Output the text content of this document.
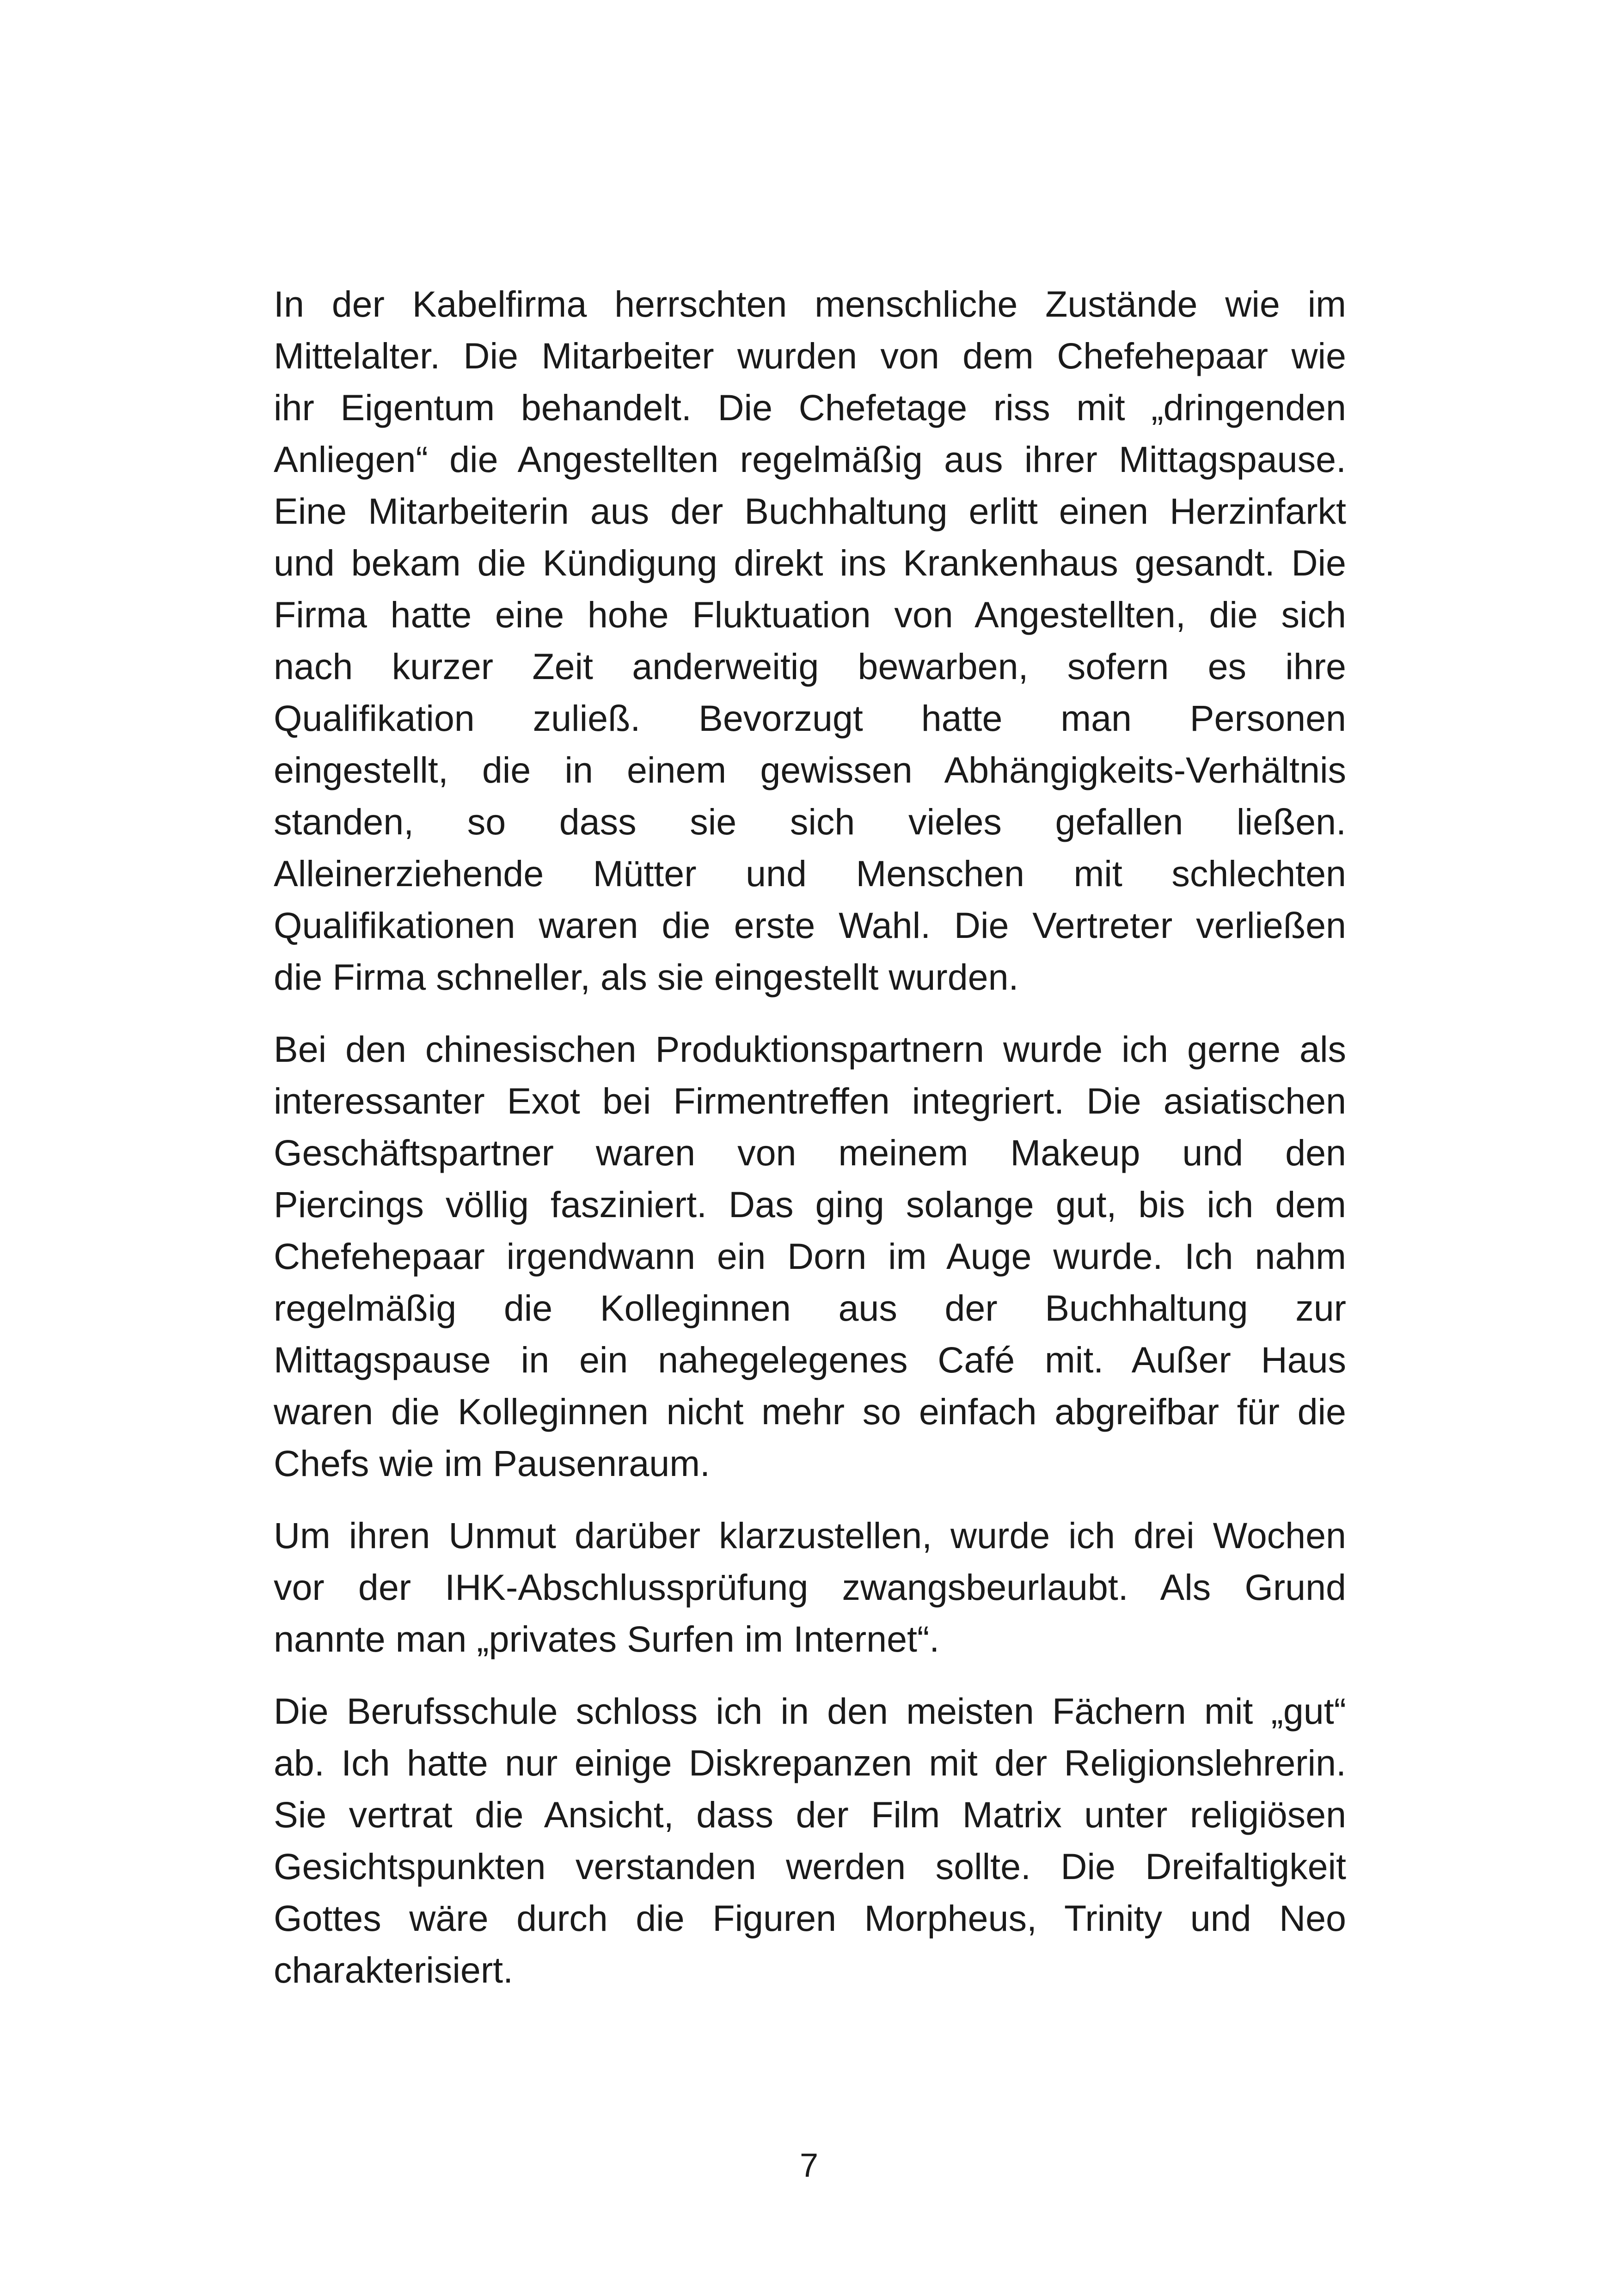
In der Kabelfirma herrschten menschliche Zustände wie im
Mittelalter. Die Mitarbeiter wurden von dem Chefehepaar wie
ihr Eigentum behandelt. Die Chefetage riss mit „dringenden
Anliegen“ die Angestellten regelmäßig aus ihrer Mittagspause.
Eine Mitarbeiterin aus der Buchhaltung erlitt einen Herzinfarkt
und bekam die Kündigung direkt ins Krankenhaus gesandt. Die
Firma hatte eine hohe Fluktuation von Angestellten, die sich
nach kurzer Zeit anderweitig bewarben, sofern es ihre
Qualifikation zuließ. Bevorzugt hatte man Personen
eingestellt, die in einem gewissen Abhängigkeits-Verhältnis
standen, so dass sie sich vieles gefallen ließen.
Alleinerziehende Mütter und Menschen mit schlechten
Qualifikationen waren die erste Wahl. Die Vertreter verließen
die Firma schneller, als sie eingestellt wurden.
Bei den chinesischen Produktionspartnern wurde ich gerne als
interessanter Exot bei Firmentreffen integriert. Die asiatischen
Geschäftspartner waren von meinem Makeup und den
Piercings völlig fasziniert. Das ging solange gut, bis ich dem
Chefehepaar irgendwann ein Dorn im Auge wurde. Ich nahm
regelmäßig die Kolleginnen aus der Buchhaltung zur
Mittagspause in ein nahegelegenes Café mit. Außer Haus
waren die Kolleginnen nicht mehr so einfach abgreifbar für die
Chefs wie im Pausenraum.
Um ihren Unmut darüber klarzustellen, wurde ich drei Wochen
vor der IHK-Abschlussprüfung zwangsbeurlaubt. Als Grund
nannte man „privates Surfen im Internet“.
Die Berufsschule schloss ich in den meisten Fächern mit „gut“
ab. Ich hatte nur einige Diskrepanzen mit der Religionslehrerin.
Sie vertrat die Ansicht, dass der Film Matrix unter religiösen
Gesichtspunkten verstanden werden sollte. Die Dreifaltigkeit
Gottes wäre durch die Figuren Morpheus, Trinity und Neo
charakterisiert.
7
